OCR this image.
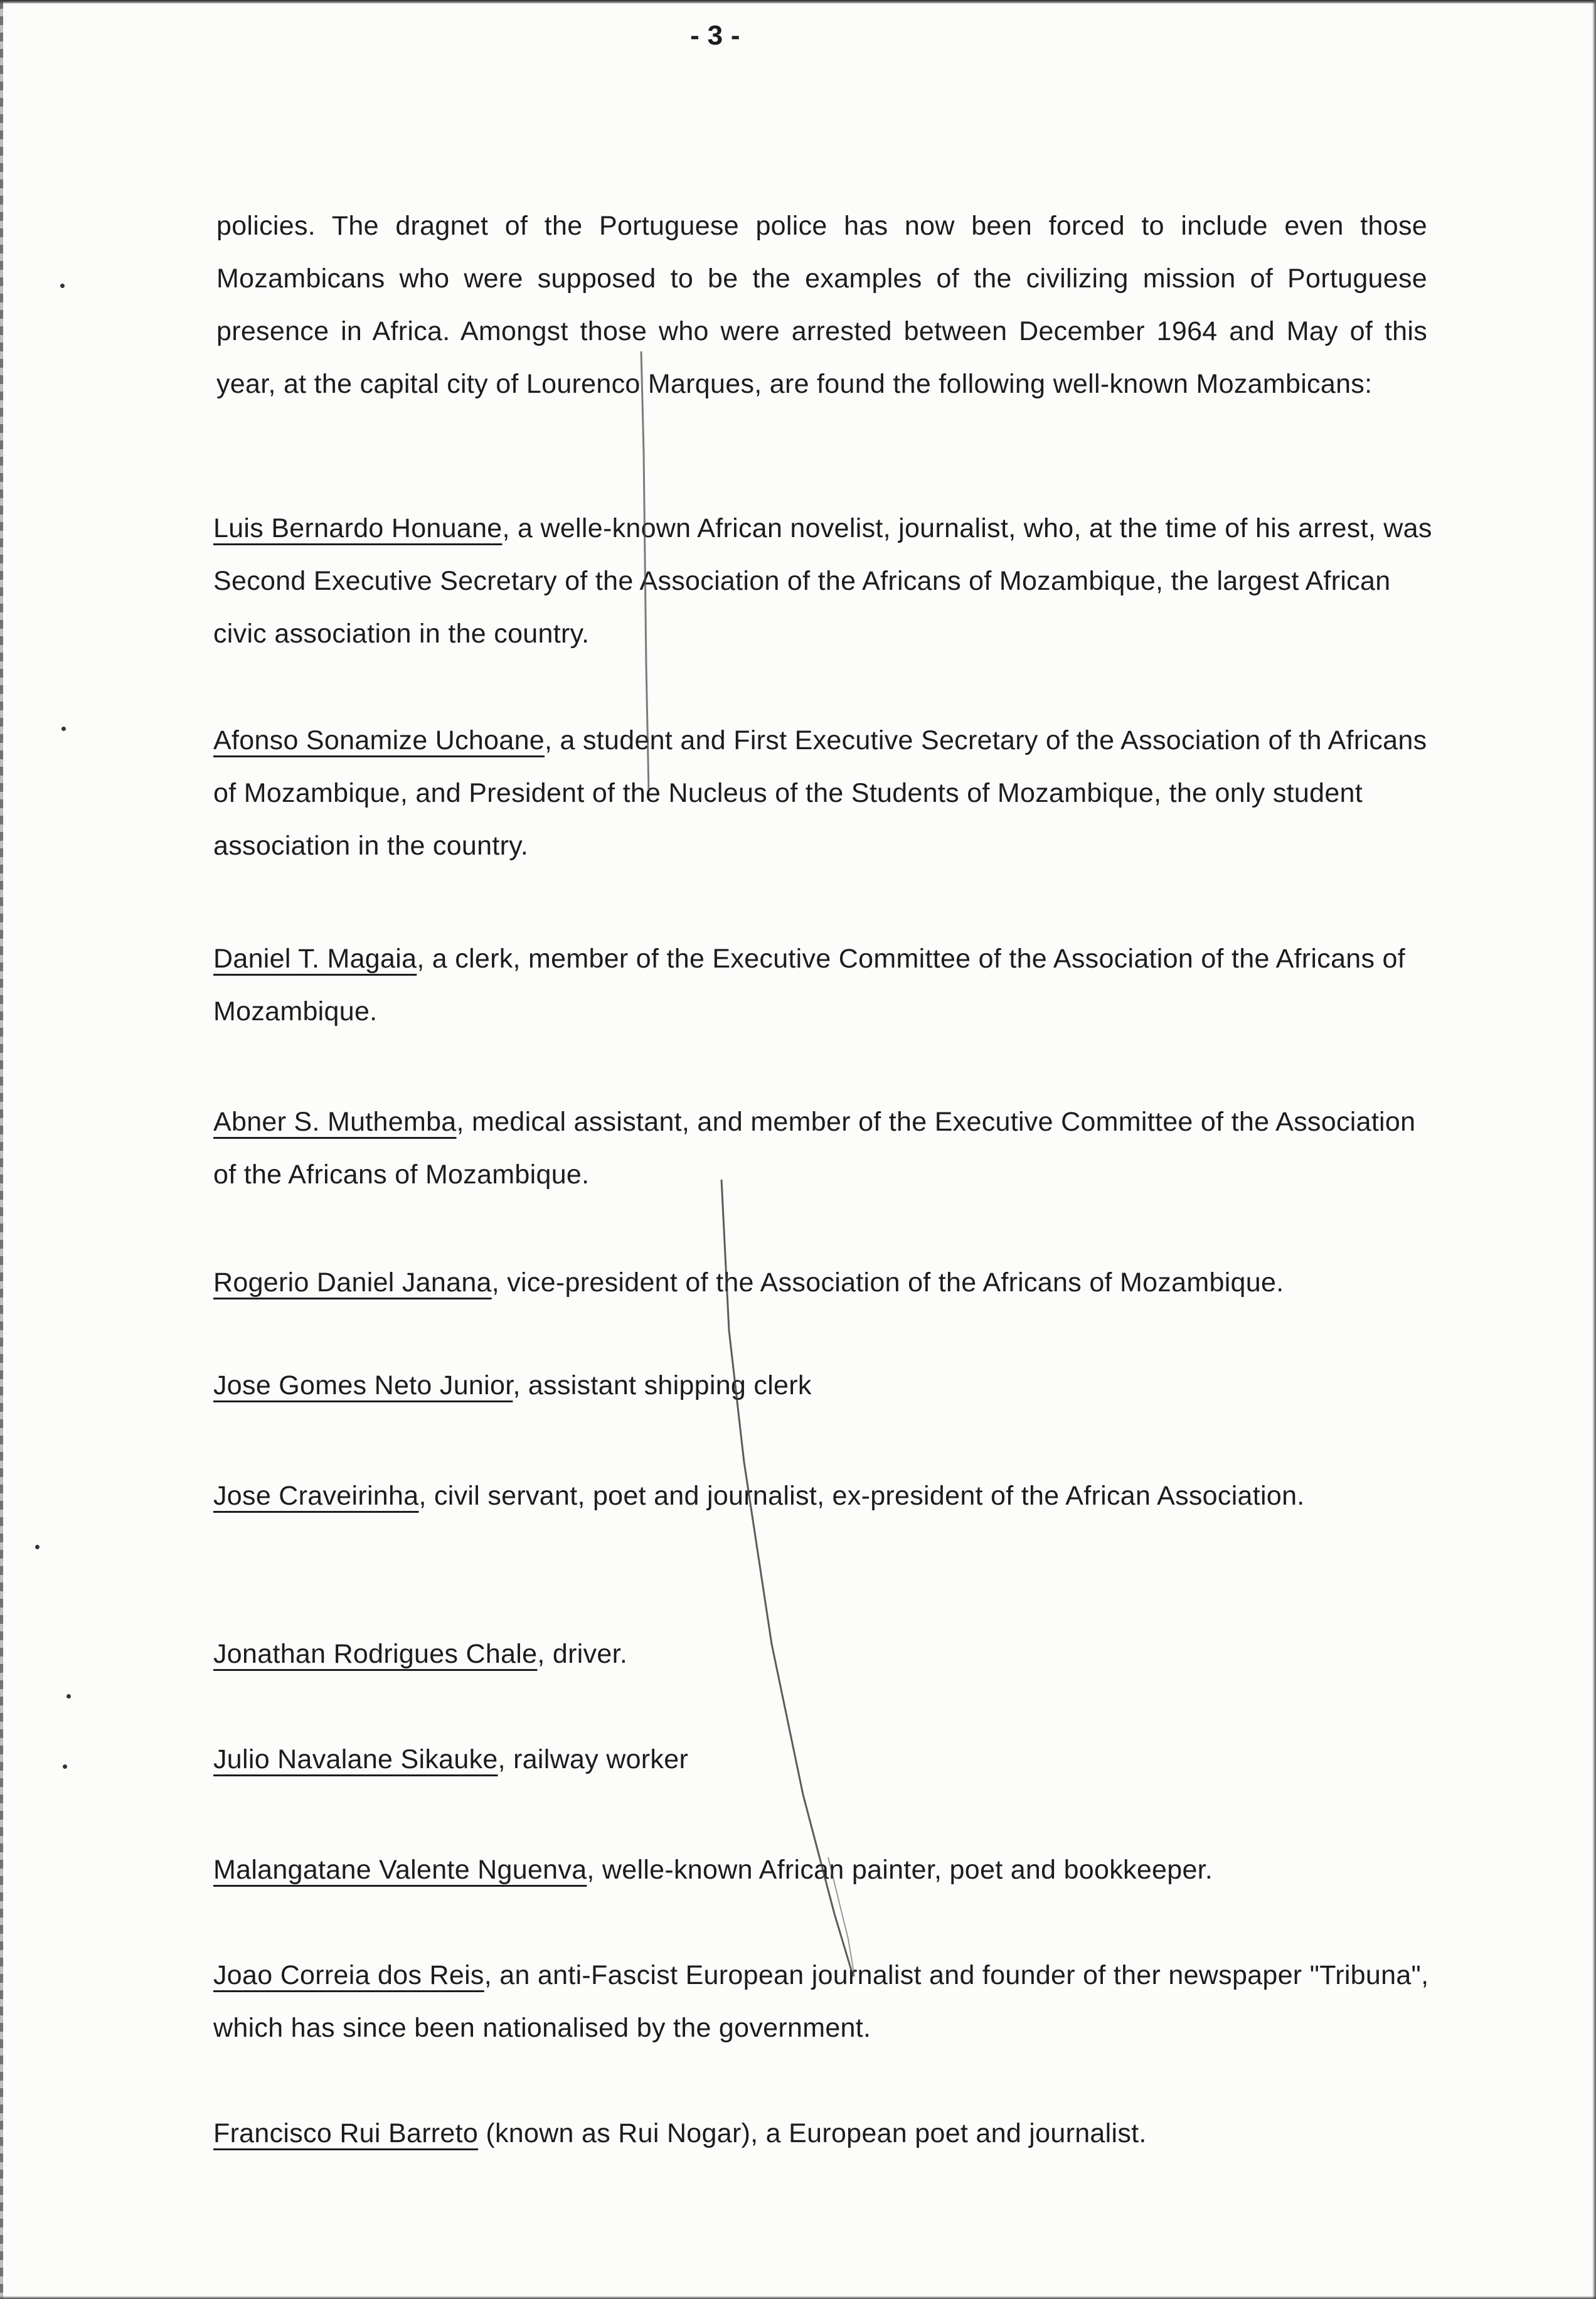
- 3 -
policies. The dragnet of the Portuguese police has now been forced to include even those Mozambicans who were supposed to be the examples of the civilizing mission of Portuguese presence in Africa. Amongst those who were arrested between December 1964 and May of this year, at the capital city of Lourenco Marques, are found the following well-known Mozambicans:
Luis Bernardo Honuane, a welle-known African novelist, journalist, who, at the time of his arrest, was Second Executive Secretary of the Association of the Africans of Mozambique, the largest African civic association in the country.
Afonso Sonamize Uchoane, a student and First Executive Secretary of the Association of th Africans of Mozambique, and President of the Nucleus of the Students of Mozambique, the only student association in the country.
Daniel T. Magaia, a clerk, member of the Executive Committee of the Association of the Africans of Mozambique.
Abner S. Muthemba, medical assistant, and member of the Executive Committee of the Association of the Africans of Mozambique.
Rogerio Daniel Janana, vice-president of the Association of the Africans of Mozambique.
Jose Gomes Neto Junior, assistant shipping clerk
Jose Craveirinha, civil servant, poet and journalist, ex-president of the African Association.
Jonathan Rodrigues Chale, driver.
Julio Navalane Sikauke, railway worker
Malangatane Valente Nguenva, welle-known African painter, poet and bookkeeper.
Joao Correia dos Reis, an anti-Fascist European journalist and founder of ther newspaper "Tribuna", which has since been nationalised by the government.
Francisco Rui Barreto (known as Rui Nogar), a European poet and journalist.
